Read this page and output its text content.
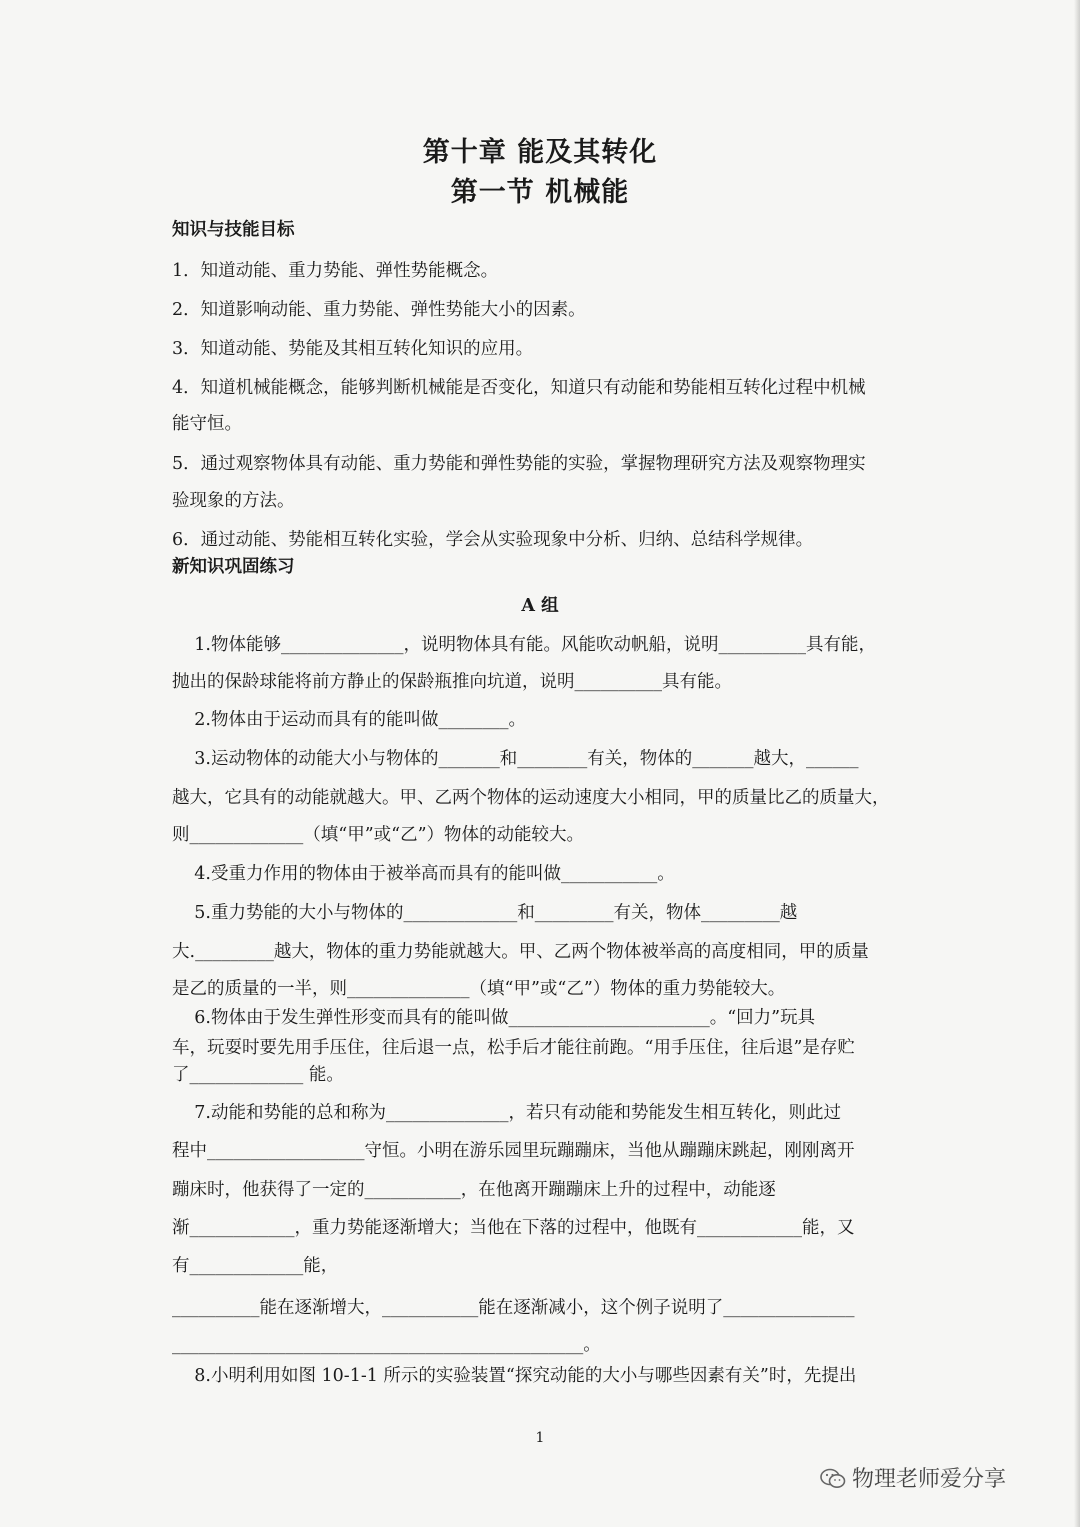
第十章 能及其转化
第一节 机械能
知识与技能目标
1．知道动能、重力势能、弹性势能概念。
2．知道影响动能、重力势能、弹性势能大小的因素。
3．知道动能、势能及其相互转化知识的应用。
4．知道机械能概念，能够判断机械能是否变化，知道只有动能和势能相互转化过程中机械
能守恒。
5．通过观察物体具有动能、重力势能和弹性势能的实验，掌握物理研究方法及观察物理实
验现象的方法。
6．通过动能、势能相互转化实验，学会从实验现象中分析、归纳、总结科学规律。
新知识巩固练习
A 组
1.物体能够______________，说明物体具有能。风能吹动帆船，说明__________具有能，
抛出的保龄球能将前方静止的保龄瓶推向坑道，说明__________具有能。
2.物体由于运动而具有的能叫做________。
3.运动物体的动能大小与物体的_______和________有关，物体的_______越大，______
越大，它具有的动能就越大。甲、乙两个物体的运动速度大小相同，甲的质量比乙的质量大，
则_____________（填“甲”或“乙”）物体的动能较大。
4.受重力作用的物体由于被举高而具有的能叫做___________。
5.重力势能的大小与物体的_____________和_________有关，物体_________越
大._________越大，物体的重力势能就越大。甲、乙两个物体被举高的高度相同，甲的质量
是乙的质量的一半，则______________（填“甲”或“乙”）物体的重力势能较大。
6.物体由于发生弹性形变而具有的能叫做_______________________。“回力”玩具
车，玩耍时要先用手压住，往后退一点，松手后才能往前跑。“用手压住，往后退”是存贮
了_____________ 能。
7.动能和势能的总和称为______________，若只有动能和势能发生相互转化，则此过
程中__________________守恒。小明在游乐园里玩蹦蹦床，当他从蹦蹦床跳起，刚刚离开
蹦床时，他获得了一定的___________，在他离开蹦蹦床上升的过程中，动能逐
渐____________，重力势能逐渐增大；当他在下落的过程中，他既有____________能，又
有_____________能，
__________能在逐渐增大，___________能在逐渐减小，这个例子说明了_______________
_______________________________________________。
8.小明利用如图 10-1-1 所示的实验装置“探究动能的大小与哪些因素有关”时，先提出
1
物理老师爱分享
